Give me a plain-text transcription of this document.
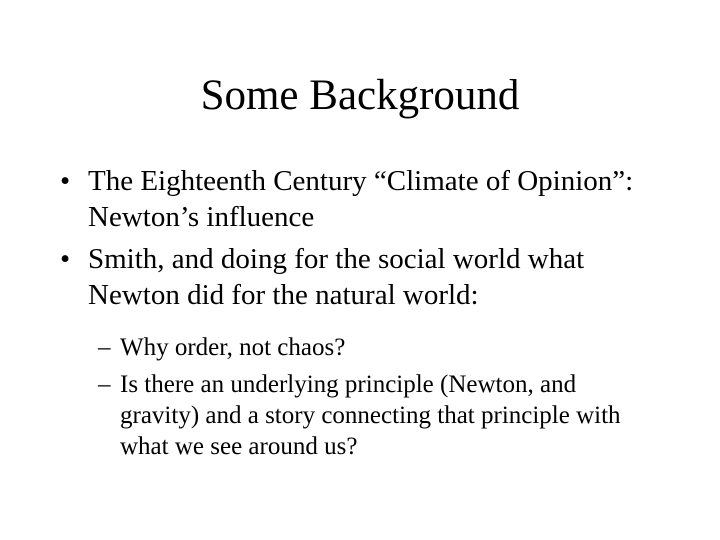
Some Background
• The Eighteenth Century “Climate of Opinion”: Newton’s influence
• Smith, and doing for the social world what Newton did for the natural world:
– Why order, not chaos?
– Is there an underlying principle (Newton, and gravity) and a story connecting that principle with what we see around us?
